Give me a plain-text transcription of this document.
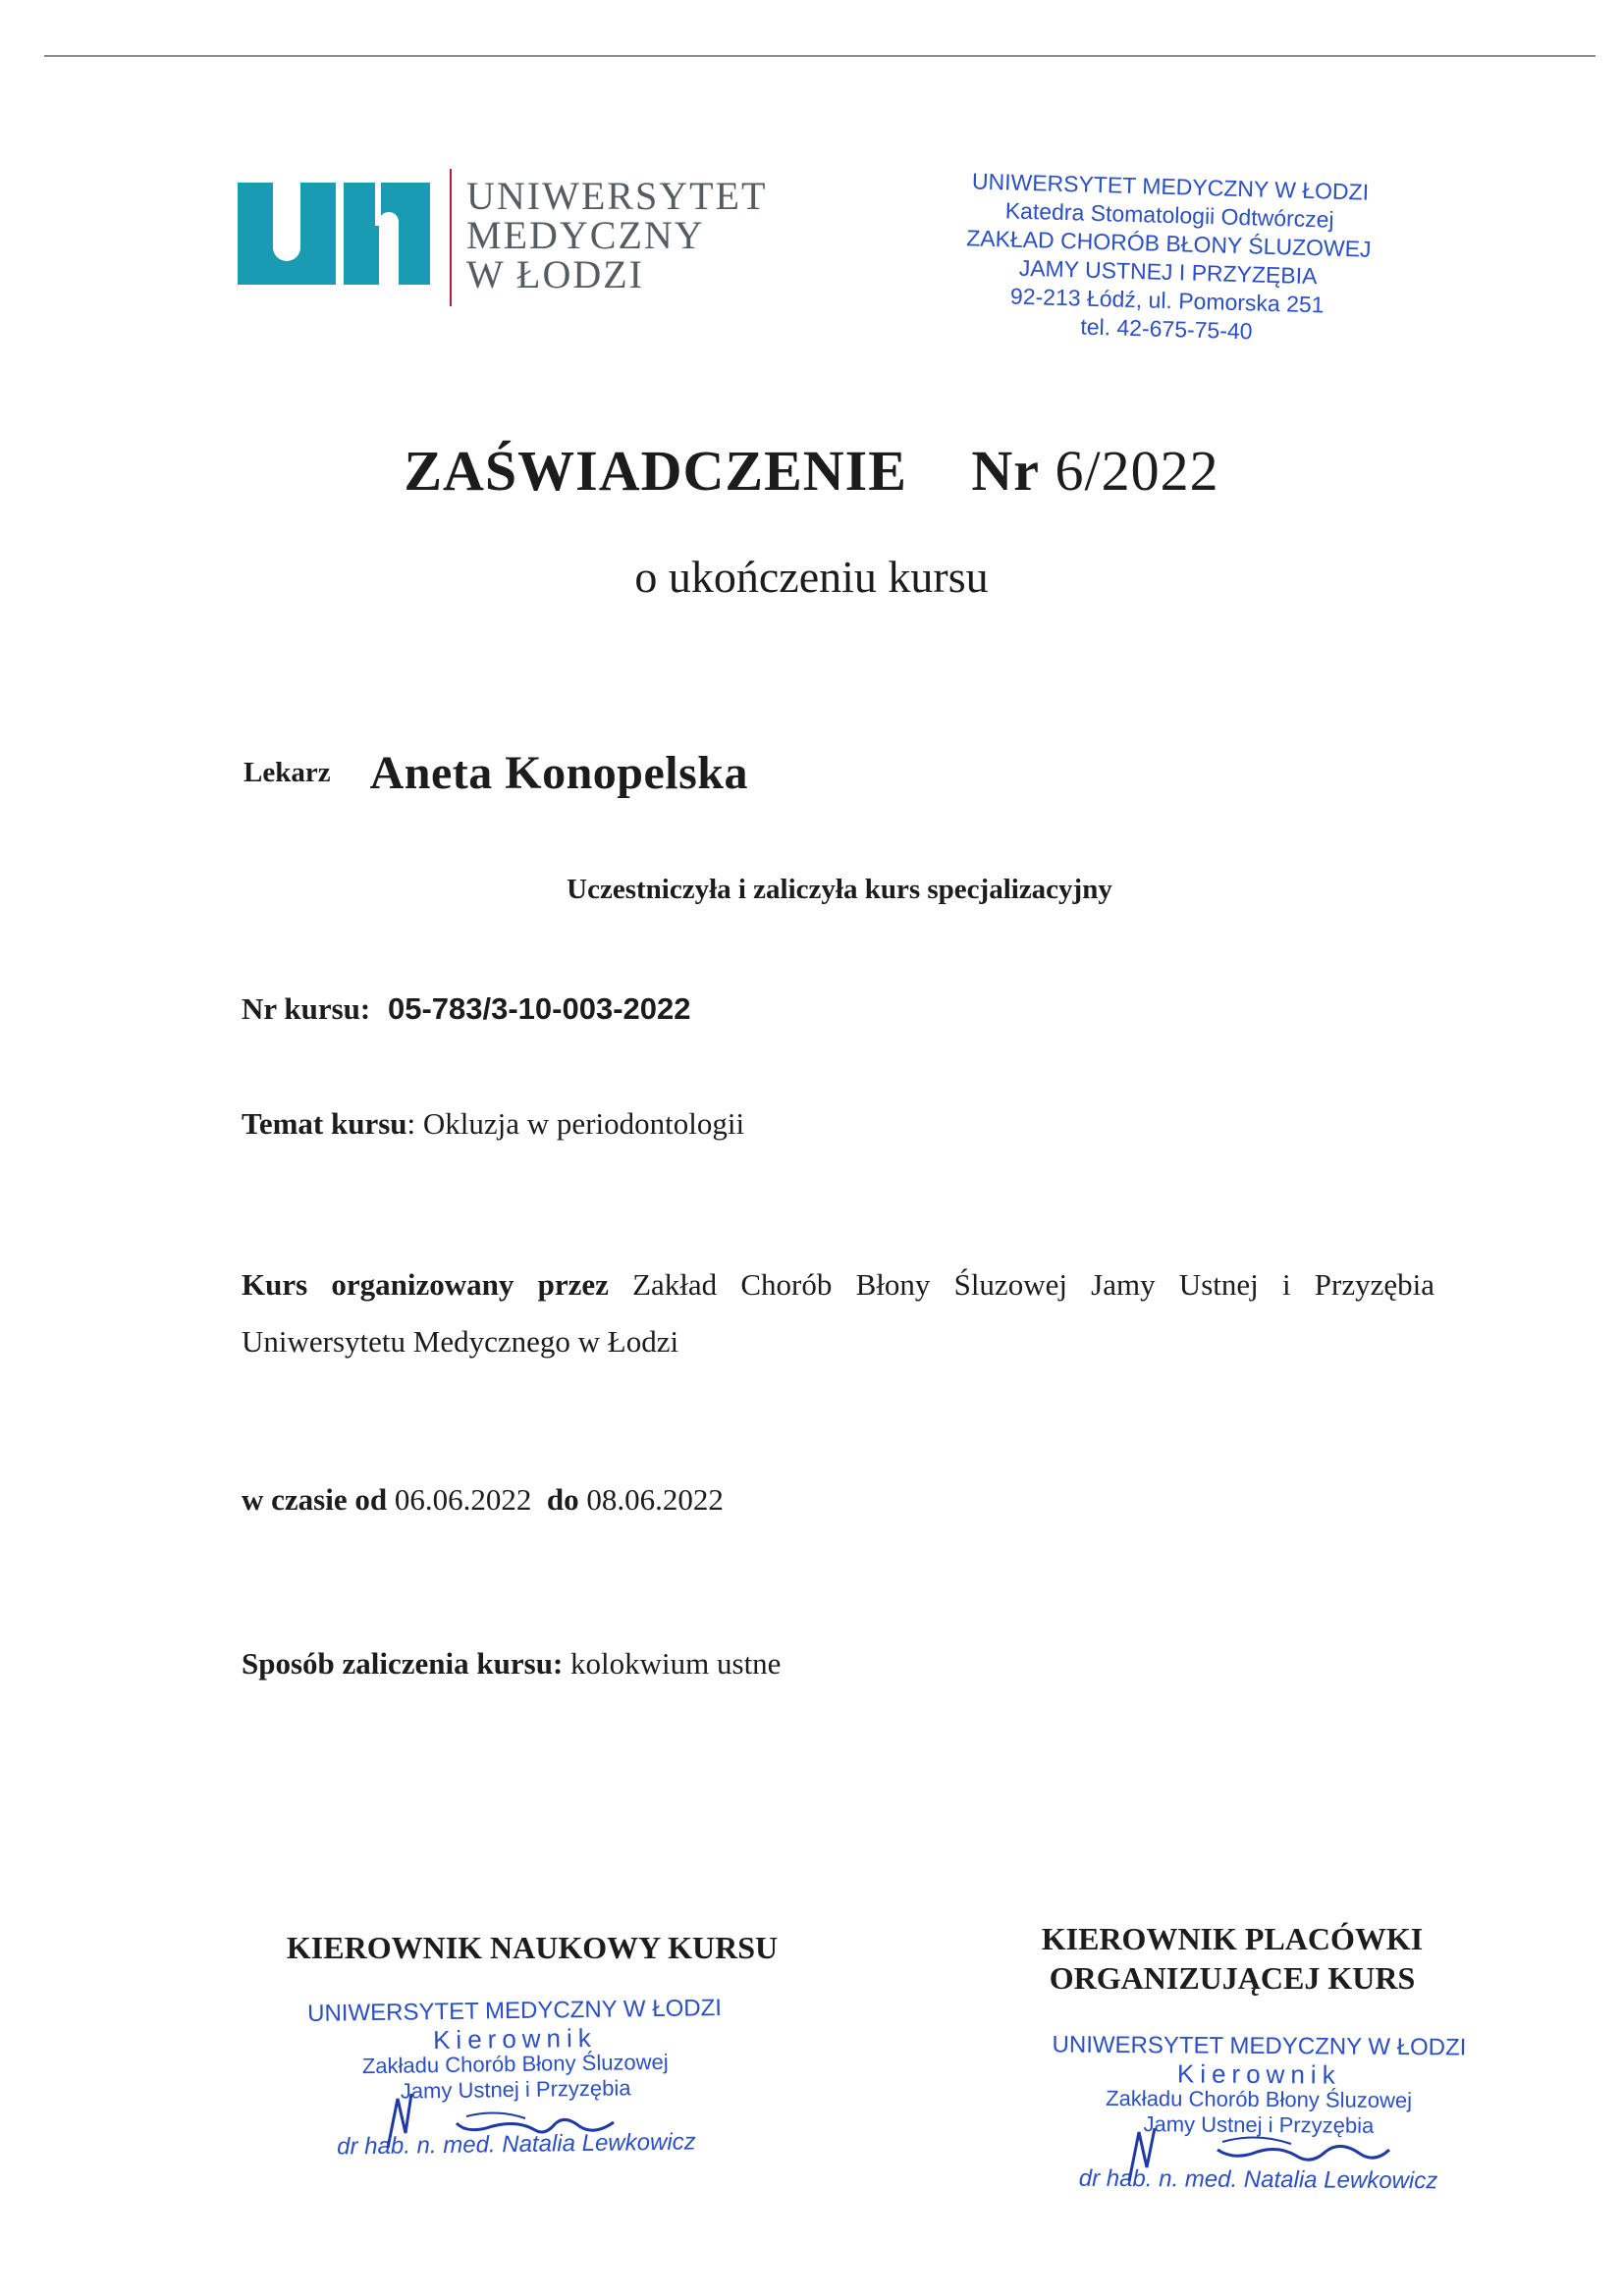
UNIWERSYTET
MEDYCZNY
W ŁODZI
UNIWERSYTET MEDYCZNY W ŁODZI
Katedra Stomatologii Odtwórczej
ZAKŁAD CHORÓB BŁONY ŚLUZOWEJ
JAMY USTNEJ I PRZYZĘBIA
92-213 Łódź, ul. Pomorska 251
tel. 42-675-75-40
ZAŚWIADCZENIE Nr 6/2022
o ukończeniu kursu
Lekarz Aneta Konopelska
Uczestniczyła i zaliczyła kurs specjalizacyjny
Nr kursu: 05-783/3-10-003-2022
Temat kursu: Okluzja w periodontologii
Kurs organizowany przez Zakład Chorób Błony Śluzowej Jamy Ustnej i Przyzębia Uniwersytetu Medycznego w Łodzi
w czasie od 06.06.2022 do 08.06.2022
Sposób zaliczenia kursu: kolokwium ustne
KIEROWNIK NAUKOWY KURSU
UNIWERSYTET MEDYCZNY W ŁODZI
Kierownik
Zakładu Chorób Błony Śluzowej
Jamy Ustnej i Przyzębia
dr hab. n. med. Natalia Lewkowicz
KIEROWNIK PLACÓWKI
ORGANIZUJĄCEJ KURS
UNIWERSYTET MEDYCZNY W ŁODZI
Kierownik
Zakładu Chorób Błony Śluzowej
Jamy Ustnej i Przyzębia
dr hab. n. med. Natalia Lewkowicz
